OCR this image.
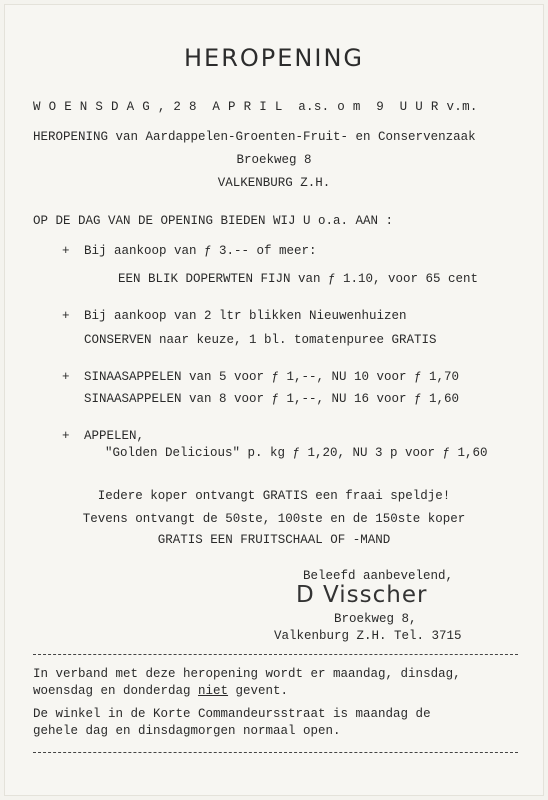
HEROPENING
W O E N S D A G , 2 8  A P R I L  a.s. o m  9  U U R v.m.
HEROPENING van Aardappelen-Groenten-Fruit- en Conservenzaak
Broekweg 8
VALKENBURG Z.H.
OP DE DAG VAN DE OPENING BIEDEN WIJ U o.a. AAN :
+ Bij aankoop van ƒ 3.-- of meer:
EEN BLIK DOPERWTEN FIJN van ƒ 1.10, voor 65 cent
+ Bij aankoop van 2 ltr blikken Nieuwenhuizen
CONSERVEN naar keuze, 1 bl. tomatenpuree GRATIS
+ SINAASAPPELEN van 5 voor ƒ 1,--, NU 10 voor ƒ 1,70
SINAASAPPELEN van 8 voor ƒ 1,--, NU 16 voor ƒ 1,60
+ APPELEN,
"Golden Delicious" p. kg ƒ 1,20, NU 3 p voor ƒ 1,60
Iedere koper ontvangt GRATIS een fraai speldje!
Tevens ontvangt de 50ste, 100ste en de 150ste koper
GRATIS EEN FRUITSCHAAL OF -MAND
Beleefd aanbevelend,
D Visscher
Broekweg 8,
Valkenburg Z.H. Tel. 3715
In verband met deze heropening wordt er maandag, dinsdag,
woensdag en donderdag niet gevent.
De winkel in de Korte Commandeursstraat is maandag de
gehele dag en dinsdagmorgen normaal open.
